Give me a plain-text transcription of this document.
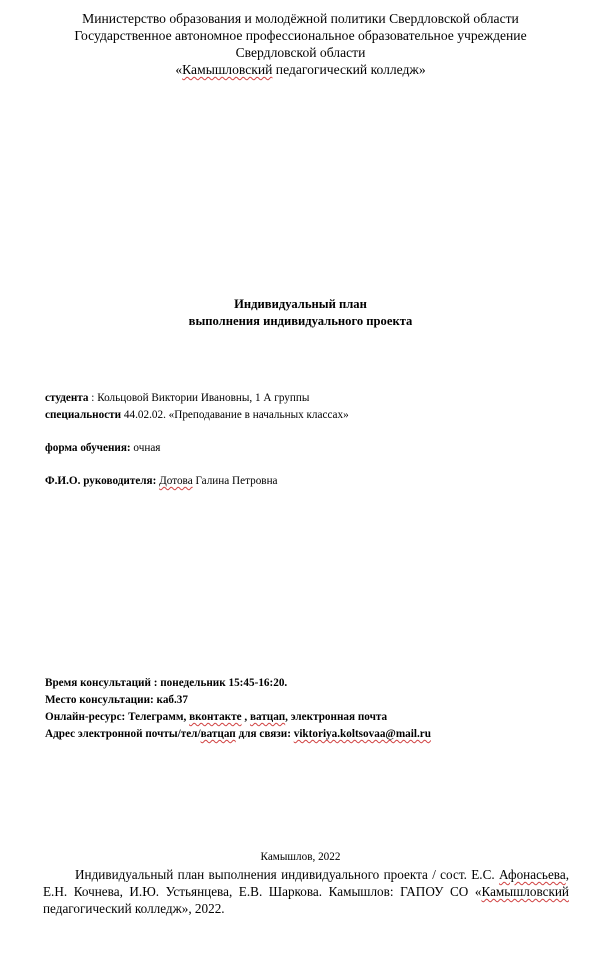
Министерство образования и молодёжной политики Свердловской области
Государственное автономное профессиональное образовательное учреждение
Свердловской области
«Камышловский педагогический колледж»
Индивидуальный план
выполнения индивидуального проекта
студента : Кольцовой Виктории Ивановны, 1 А группы
специальности 44.02.02. «Преподавание в начальных классах»
форма обучения: очная
Ф.И.О. руководителя: Дотова Галина Петровна
Время консультаций : понедельник 15:45-16:20.
Место консультации: каб.37
Онлайн-ресурс: Телеграмм, вконтакте , ватцап, электронная почта
Адрес электронной почты/тел/ватцап для связи: viktoriya.koltsovaa@mail.ru
Камышлов, 2022
Индивидуальный план выполнения индивидуального проекта / сост. Е.С. Афонасьева, Е.Н. Кочнева, И.Ю. Устьянцева, Е.В. Шаркова. Камышлов: ГАПОУ СО «Камышловский педагогический колледж», 2022.
